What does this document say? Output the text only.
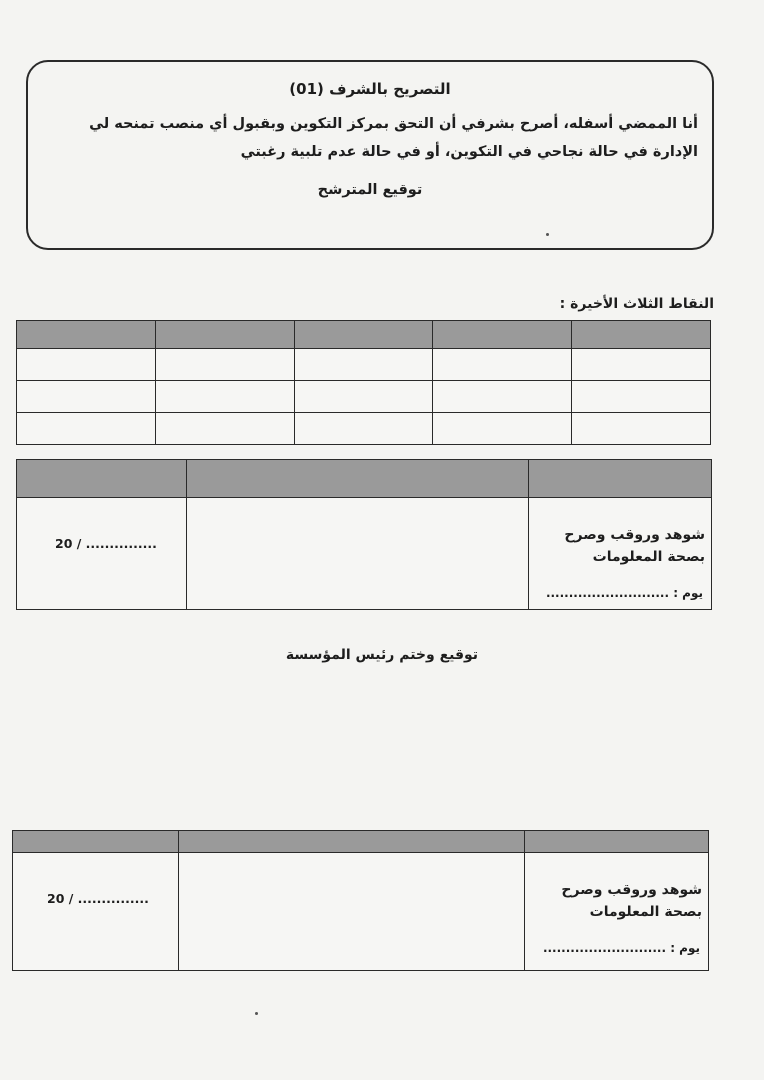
التصريح بالشرف (01)
أنا الممضي أسفله، أصرح بشرفي أن التحق بمركز التكوين وبقبول أي منصب تمنحه لي الإدارة في حالة نجاحي في التكوين، أو في حالة عدم تلبية رغبتي
توقيع المترشح
النقاط الثلاث الأخيرة :

20 / ...............		شوهد وروقب وصرح بصحة المعلومات
يوم : ...........................
توقيع وختم رئيس المؤسسة

20 / ...............		شوهد وروقب وصرح بصحة المعلومات
يوم : ...........................
